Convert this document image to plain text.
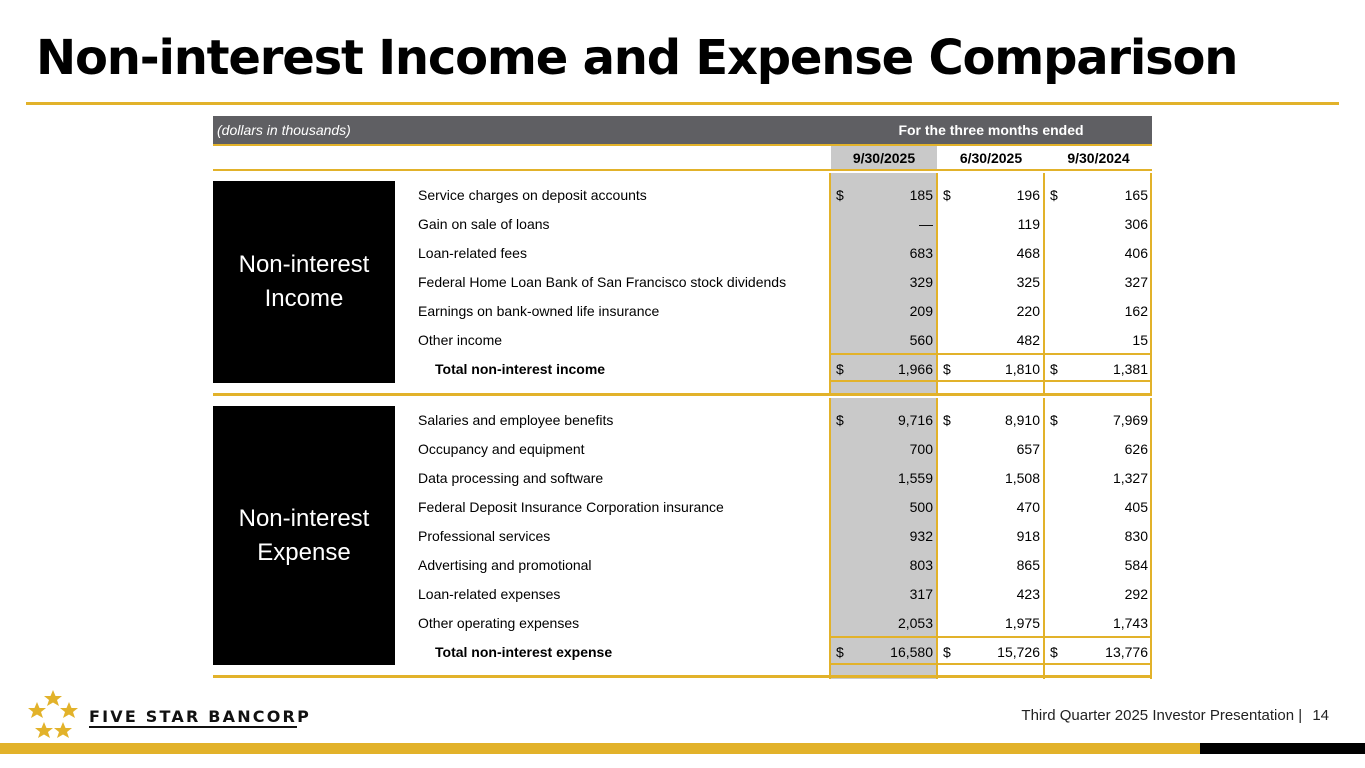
Non-interest Income and Expense Comparison
(dollars in thousands)	For the three months ended
9/30/2025	6/30/2025	9/30/2024
Non-interest
Income
Non-interest
Expense
Service charges on deposit accounts	$	185 $	196 $	165
Gain on sale of loans	—	119	306
Loan-related fees	683	468	406
Federal Home Loan Bank of San Francisco stock dividends	329	325	327
Earnings on bank-owned life insurance	209	220	162
Other income	560	482	15
Total non-interest income	$	1,966 $	1,810 $	1,381
Salaries and employee benefits	$	9,716 $	8,910 $	7,969
Occupancy and equipment	700	657	626
Data processing and software	1,559	1,508	1,327
Federal Deposit Insurance Corporation insurance	500	470	405
Professional services	932	918	830
Advertising and promotional	803	865	584
Loan-related expenses	317	423	292
Other operating expenses	2,053	1,975	1,743
Total non-interest expense	$	16,580 $	15,726 $	13,776
FIVE STAR BANCORP	Third Quarter 2025 Investor Presentation | 14
